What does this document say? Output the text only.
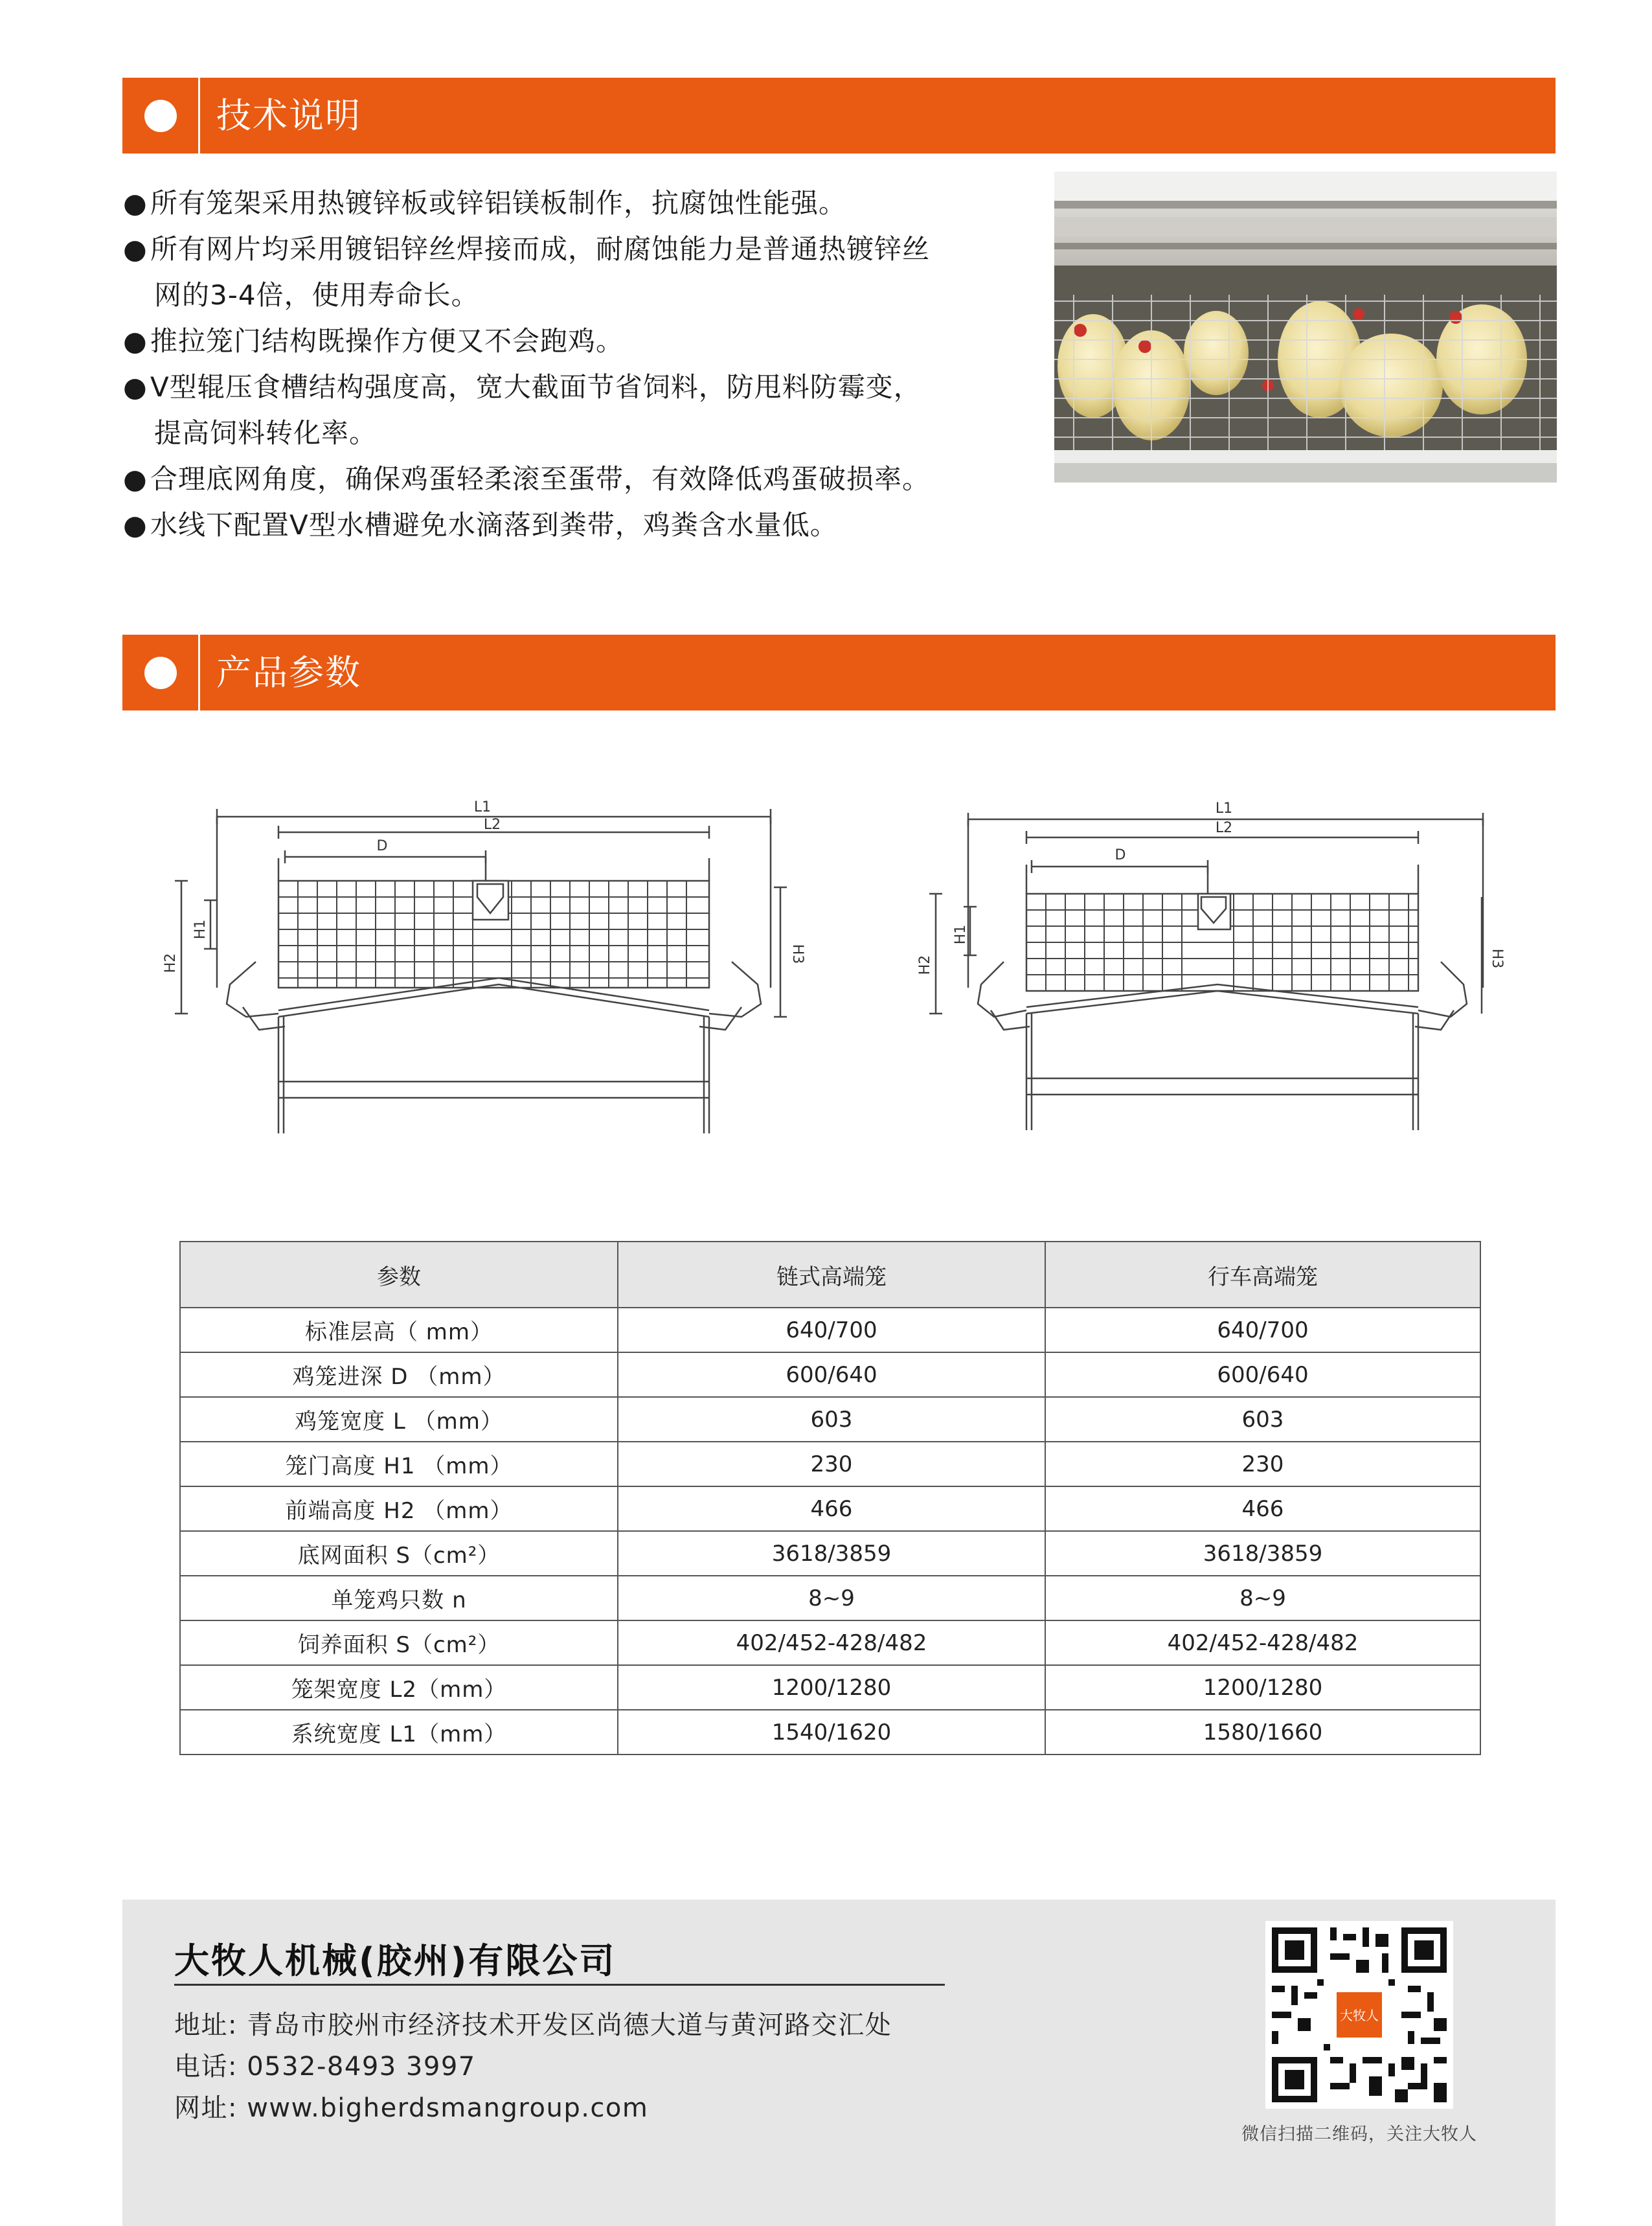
技术说明
● 所有笼架采用热镀锌板或锌铝镁板制作，抗腐蚀性能强。
● 所有网片均采用镀铝锌丝焊接而成，耐腐蚀能力是普通热镀锌丝
网的3-4倍，使用寿命长。
● 推拉笼门结构既操作方便又不会跑鸡。
● V型辊压食槽结构强度高，宽大截面节省饲料，防甩料防霉变，
提高饲料转化率。
● 合理底网角度，确保鸡蛋轻柔滚至蛋带，有效降低鸡蛋破损率。
● 水线下配置V型水槽避免水滴落到粪带，鸡粪含水量低。
产品参数
L1
L2
D
H2
H1
H3
L1
L2
D
H2
H1
H3
参数	链式高端笼	行车高端笼
标准层高（ mm）	640/700	640/700
鸡笼进深 D （mm）	600/640	600/640
鸡笼宽度 L （mm）	603	603
笼门高度 H1 （mm）	230	230
前端高度 H2 （mm）	466	466
底网面积 S（cm²）	3618/3859	3618/3859
单笼鸡只数 n	8~9	8~9
饲养面积 S（cm²）	402/452-428/482	402/452-428/482
笼架宽度 L2（mm）	1200/1280	1200/1280
系统宽度 L1（mm）	1540/1620	1580/1660
大牧人机械(胶州)有限公司
地址: 青岛市胶州市经济技术开发区尚德大道与黄河路交汇处
电话: 0532-8493 3997
网址: www.bigherdsmangroup.com
大牧人
微信扫描二维码，关注大牧人
